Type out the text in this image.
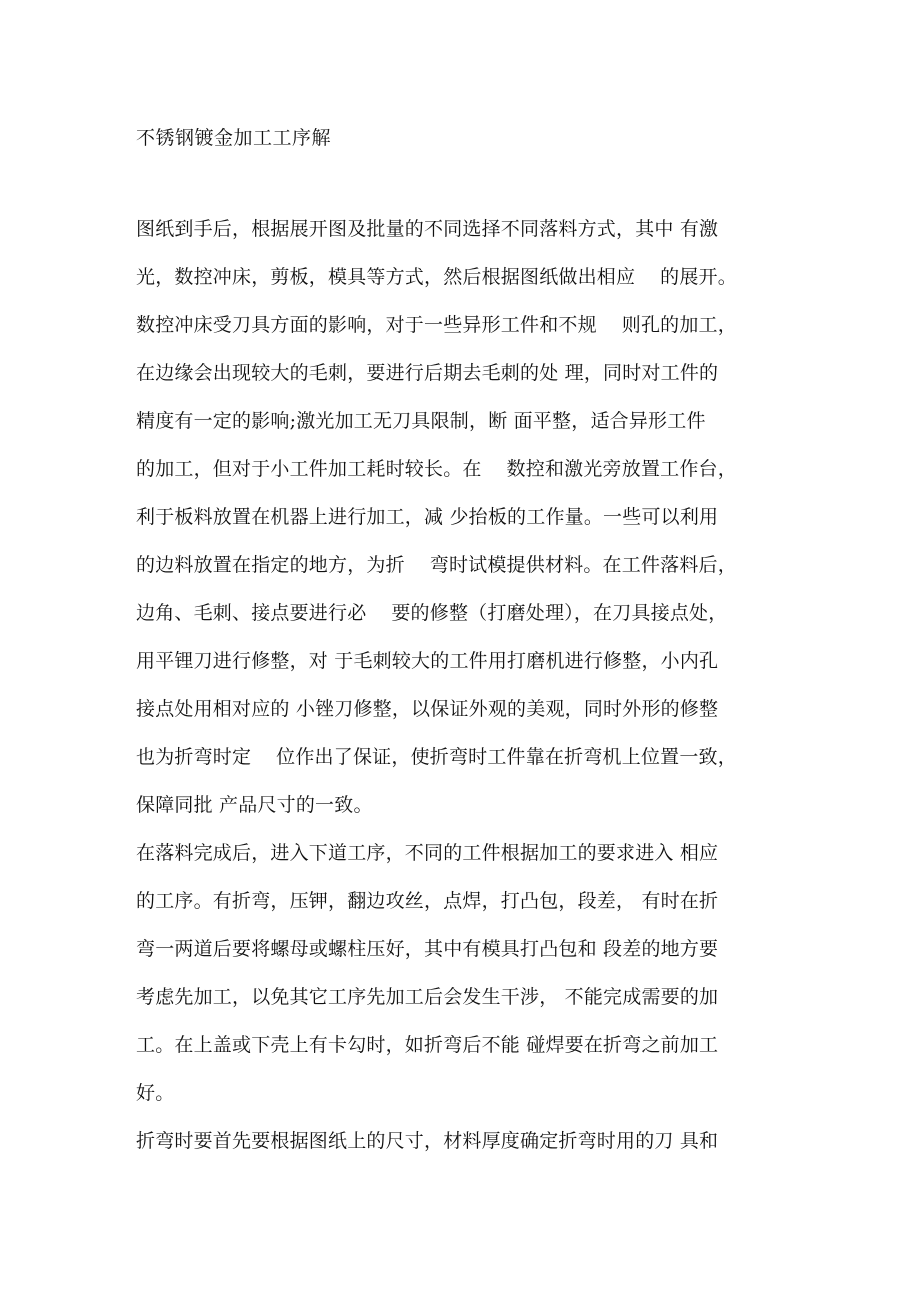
不锈钢镀金加工工序解
图纸到手后，根据展开图及批量的不同选择不同落料方式，其中 有激
光，数控冲床，剪板，模具等方式，然后根据图纸做出相应    的展开。
数控冲床受刀具方面的影响，对于一些异形工件和不规    则孔的加工，
在边缘会出现较大的毛刺，要进行后期去毛刺的处 理，同时对工件的
精度有一定的影响;激光加工无刀具限制，断 面平整，适合异形工件
的加工，但对于小工件加工耗时较长。在    数控和激光旁放置工作台，
利于板料放置在机器上进行加工，减 少抬板的工作量。一些可以利用
的边料放置在指定的地方，为折    弯时试模提供材料。在工件落料后，
边角、毛刺、接点要进行必    要的修整（打磨处理），在刀具接点处，
用平锂刀进行修整，对 于毛刺较大的工件用打磨机进行修整，小内孔
接点处用相对应的 小锉刀修整，以保证外观的美观，同时外形的修整
也为折弯时定    位作出了保证，使折弯时工件靠在折弯机上位置一致，
保障同批 产品尺寸的一致。
在落料完成后，进入下道工序，不同的工件根据加工的要求进入 相应
的工序。有折弯，压钾，翻边攻丝，点焊，打凸包，段差， 有时在折
弯一两道后要将螺母或螺柱压好，其中有模具打凸包和 段差的地方要
考虑先加工，以免其它工序先加工后会发生干涉， 不能完成需要的加
工。在上盖或下壳上有卡勾时，如折弯后不能 碰焊要在折弯之前加工
好。
折弯时要首先要根据图纸上的尺寸，材料厚度确定折弯时用的刀 具和
